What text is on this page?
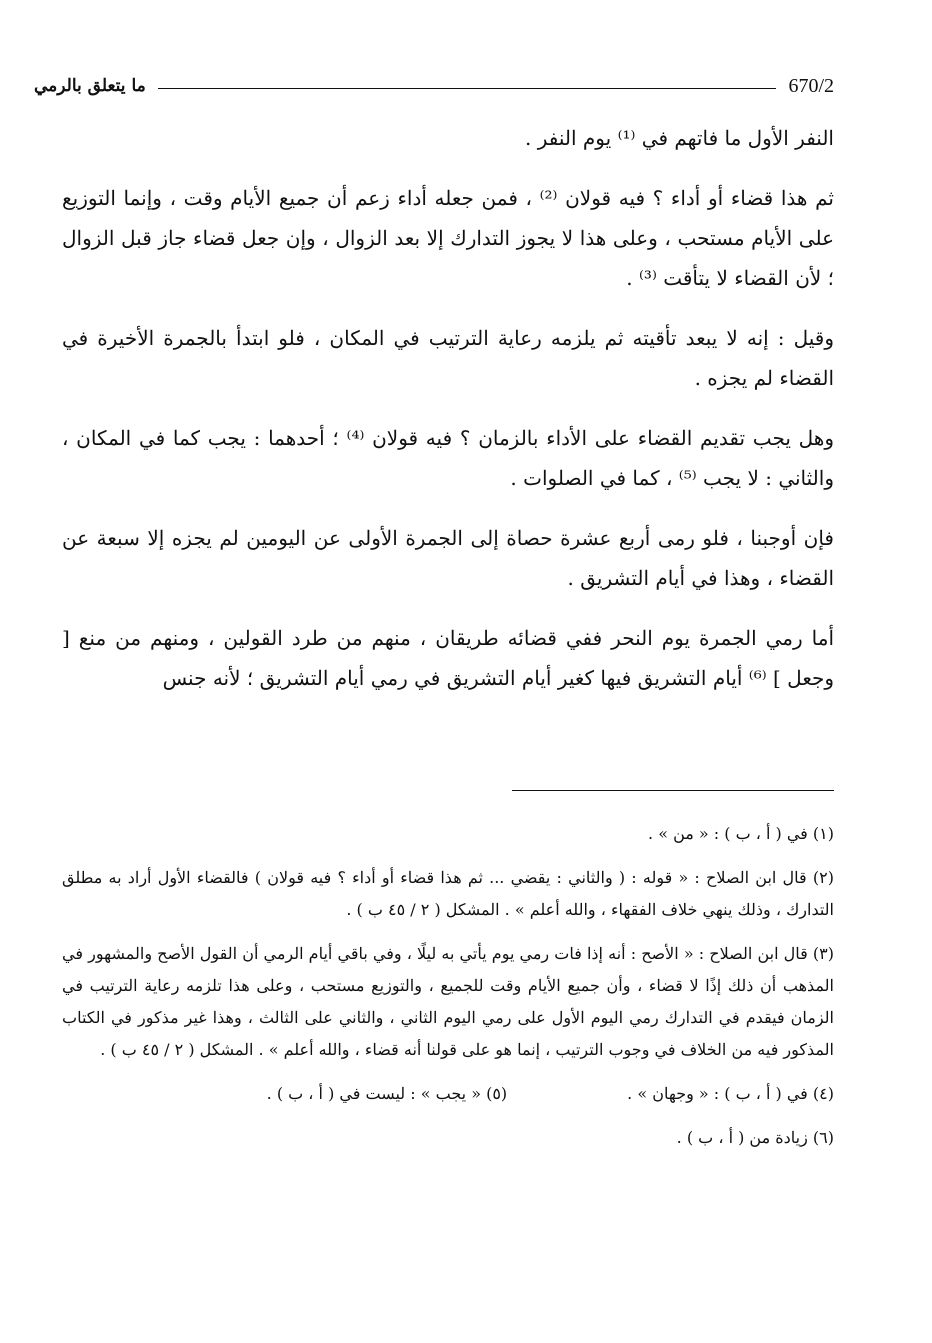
670/2
ما يتعلق بالرمي

النفر الأول ما فاتهم في ⁽¹⁾ يوم النفر .

ثم هذا قضاء أو أداء ؟ فيه قولان ⁽²⁾ ، فمن جعله أداء زعم أن جميع الأيام وقت ، وإنما التوزيع على الأيام مستحب ، وعلى هذا لا يجوز التدارك إلا بعد الزوال ، وإن جعل قضاء جاز قبل الزوال ؛ لأن القضاء لا يتأقت ⁽³⁾ .

وقيل : إنه لا يبعد تأقيته ثم يلزمه رعاية الترتيب في المكان ، فلو ابتدأ بالجمرة الأخيرة في القضاء لم يجزه .

وهل يجب تقديم القضاء على الأداء بالزمان ؟ فيه قولان ⁽⁴⁾ ؛ أحدهما : يجب كما في المكان ، والثاني : لا يجب ⁽⁵⁾ ، كما في الصلوات .

فإن أوجبنا ، فلو رمى أربع عشرة حصاة إلى الجمرة الأولى عن اليومين لم يجزه إلا سبعة عن القضاء ، وهذا في أيام التشريق .

أما رمي الجمرة يوم النحر ففي قضائه طريقان ، منهم من طرد القولين ، ومنهم من منع [ وجعل ] ⁽⁶⁾ أيام التشريق فيها كغير أيام التشريق في رمي أيام التشريق ؛ لأنه جنس

(١) في ( أ ، ب ) : « من » .

(٢) قال ابن الصلاح : « قوله : ( والثاني : يقضي ... ثم هذا قضاء أو أداء ؟ فيه قولان ) فالقضاء الأول أراد به مطلق التدارك ، وذلك ينهي خلاف الفقهاء ، والله أعلم » . المشكل ( ٢ / ٤٥ ب ) .

(٣) قال ابن الصلاح : « الأصح : أنه إذا فات رمي يوم يأتي به ليلًا ، وفي باقي أيام الرمي أن القول الأصح والمشهور في المذهب أن ذلك إذًا لا قضاء ، وأن جميع الأيام وقت للجميع ، والتوزيع مستحب ، وعلى هذا تلزمه رعاية الترتيب في الزمان فيقدم في التدارك رمي اليوم الأول على رمي اليوم الثاني ، والثاني على الثالث ، وهذا غير مذكور في الكتاب المذكور فيه من الخلاف في وجوب الترتيب ، إنما هو على قولنا أنه قضاء ، والله أعلم » . المشكل ( ٢ / ٤٥ ب ) .

(٤) في ( أ ، ب ) : « وجهان » .
(٥) « يجب » : ليست في ( أ ، ب ) .

(٦) زيادة من ( أ ، ب ) .
